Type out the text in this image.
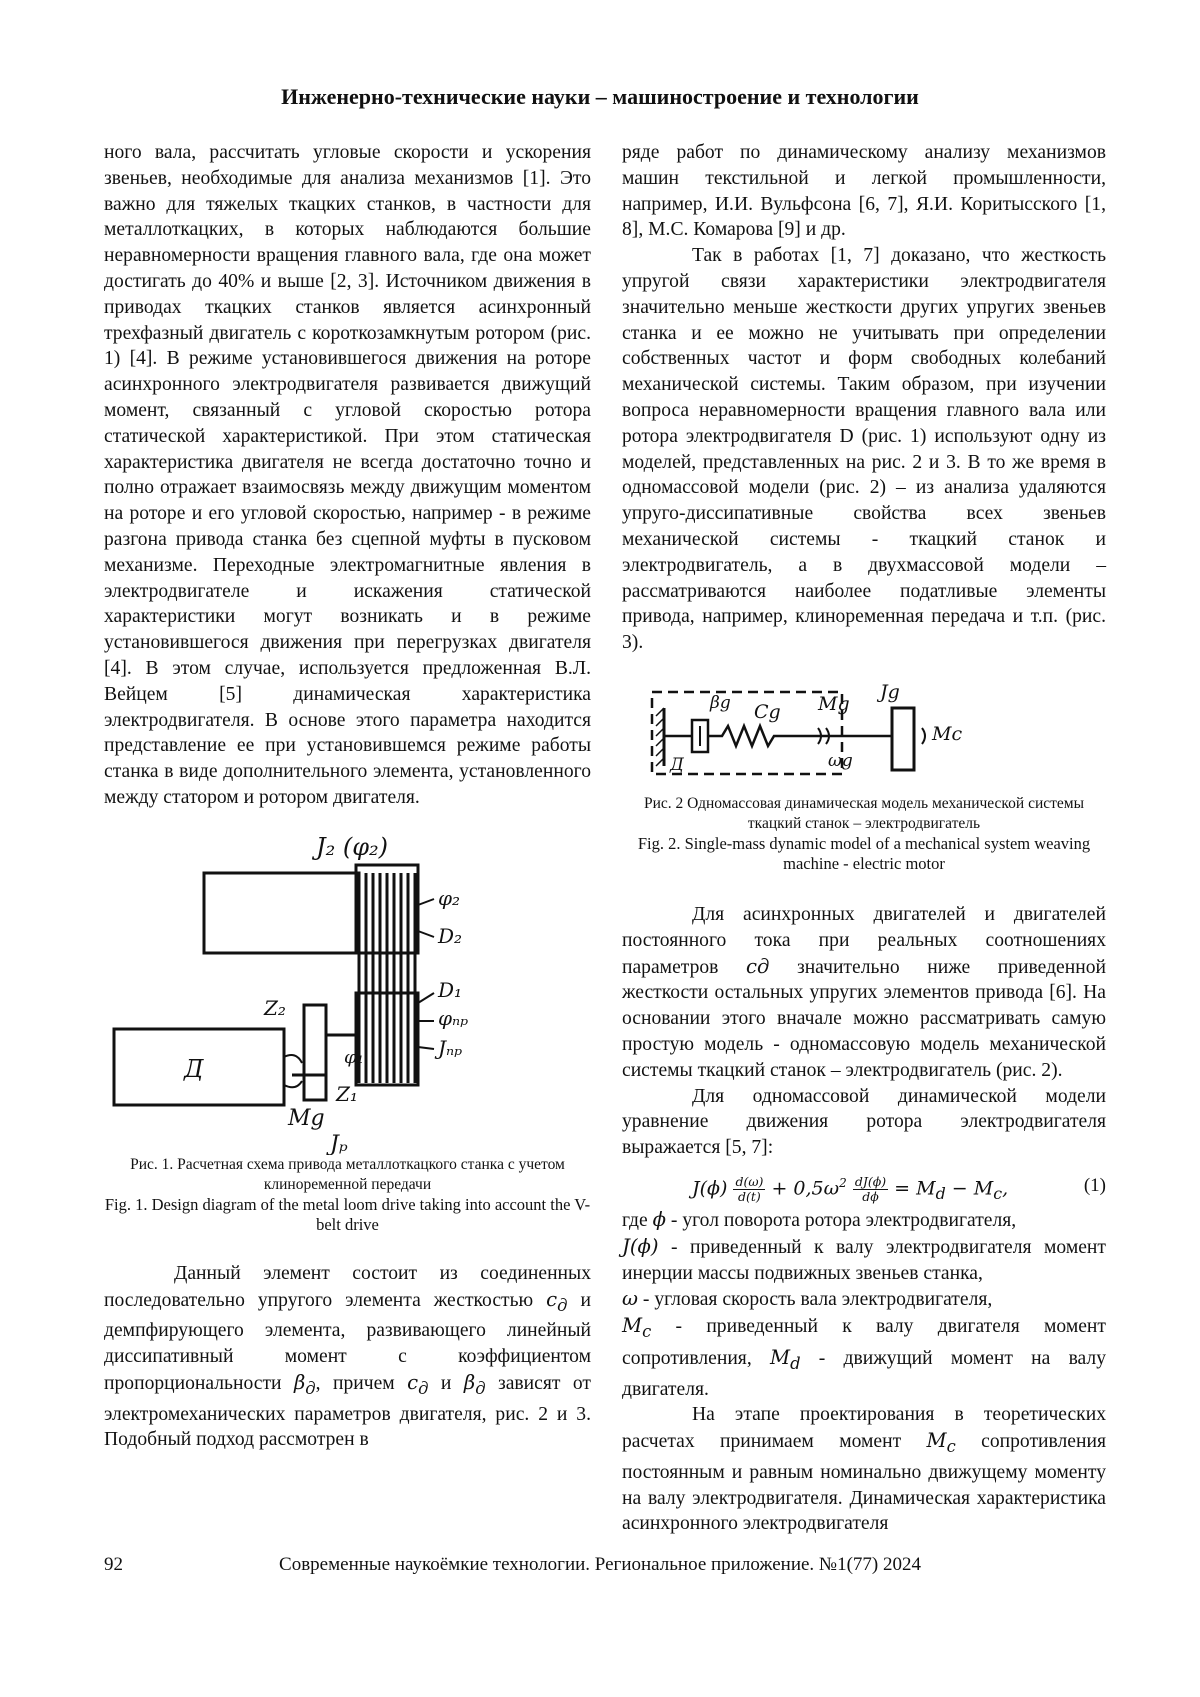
Инженерно-технические науки – машиностроение и технологии

ного вала, рассчитать угловые скорости и ускорения звеньев, необходимые для анализа механизмов [1]. Это важно для тяжелых ткацких станков, в частности для металлоткацких, в которых наблюдаются большие неравномерности вращения главного вала, где она может достигать до 40% и выше [2, 3]. Источником движения в приводах ткацких станков является асинхронный трехфазный двигатель с короткозамкнутым ротором (рис. 1) [4]. В режиме установившегося движения на роторе асинхронного электродвигателя развивается движущий момент, связанный с угловой скоростью ротора статической характеристикой. При этом статическая характеристика двигателя не всегда достаточно точно и полно отражает взаимосвязь между движущим моментом на роторе и его угловой скоростью, например - в режиме разгона привода станка без сцепной муфты в пусковом механизме. Переходные электромагнитные явления в электродвигателе и искажения статической характеристики могут возникать и в режиме установившегося движения при перегрузках двигателя [4]. В этом случае, используется предложенная В.Л. Вейцем [5] динамическая характеристика электродвигателя. В основе этого параметра находится представление ее при установившемся режиме работы станка в виде дополнительного элемента, установленного между статором и ротором двигателя.

Д
J₂ (φ₂)
φ₂
D₂
D₁
φₙₚ
Jₙₚ
Z₂
Z₁
φ₁
Mg
Jₚ
Рис. 1. Расчетная схема привода металлоткацкого станка с учетом клиноременной передачи
Fig. 1. Design diagram of the metal loom drive taking into account the V-belt drive

Данный элемент состоит из соединенных последовательно упругого элемента жесткостью $c_д$ и демпфирующего элемента, развивающего линейный диссипативный момент с коэффициентом пропорциональности $\beta_д$, причем $c_д$ и $\beta_д$ зависят от электромеханических параметров двигателя, рис. 2 и 3. Подобный подход рассмотрен в

ряде работ по динамическому анализу механизмов машин текстильной и легкой промышленности, например, И.И. Вульфсона [6, 7], Я.И. Коритысского [1, 8], М.С. Комарова [9] и др.

Так в работах [1, 7] доказано, что жесткость упругой связи характеристики электродвигателя значительно меньше жесткости других упругих звеньев станка и ее можно не учитывать при определении собственных частот и форм свободных колебаний механической системы. Таким образом, при изучении вопроса неравномерности вращения главного вала или ротора электродвигателя D (рис. 1) используют одну из моделей, представленных на рис. 2 и 3. В то же время в одномассовой модели (рис. 2) – из анализа удаляются упруго-диссипативные свойства всех звеньев механической системы - ткацкий станок и электродвигатель, а в двухмассовой модели – рассматриваются наиболее податливые элементы привода, например, клиноременная передача и т.п. (рис. 3).

βg Cg Mg
Jg
ωg
Mc
Д
Рис. 2 Одномассовая динамическая модель механической системы ткацкий станок – электродвигатель
Fig. 2. Single-mass dynamic model of a mechanical system weaving machine - electric motor

Для асинхронных двигателей и двигателей постоянного тока при реальных соотношениях параметров cд значительно ниже приведенной жесткости остальных упругих элементов привода [6]. На основании этого вначале можно рассматривать самую простую модель - одномассовую модель механической системы ткацкий станок – электродвигатель (рис. 2).

Для одномассовой динамической модели уравнение движения ротора электродвигателя выражается [5, 7]:

$J(\phi) \frac{d(\omega)}{d(t)} + 0,5\omega^2 \frac{dJ(\phi)}{d\phi} = M_d - M_c$,	(1)

где ϕ - угол поворота ротора электродвигателя,

J(ϕ) - приведенный к валу электродвигателя момент инерции массы подвижных звеньев станка,

ω - угловая скорость вала электродвигателя,

$M_c$ - приведенный к валу двигателя момент сопротивления, $M_d$ - движущий момент на валу двигателя.

На этапе проектирования в теоретических расчетах принимаем момент $M_c$ сопротивления постоянным и равным номинально движущему моменту на валу электродвигателя. Динамическая характеристика асинхронного электродвигателя

Современные наукоёмкие технологии. Региональное приложение. №1(77) 2024
92
